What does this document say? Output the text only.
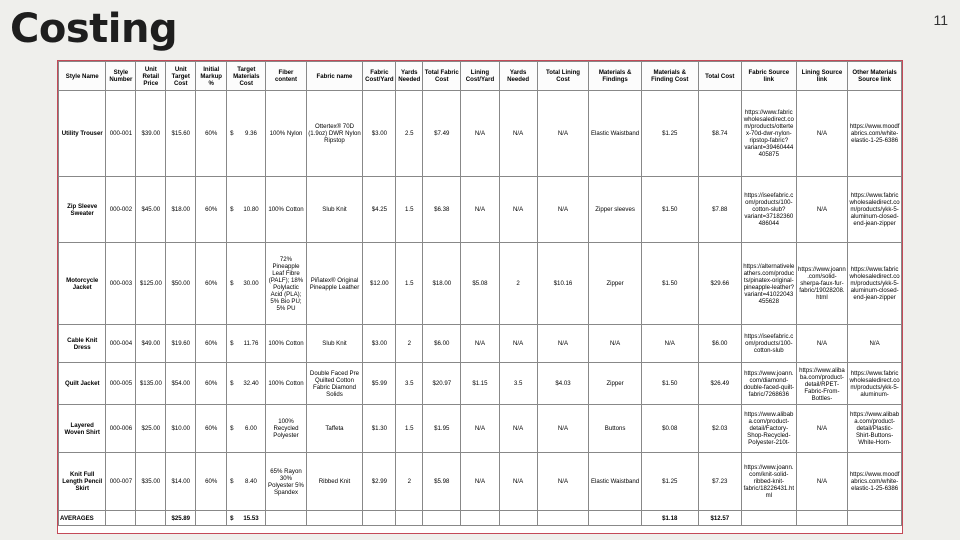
Costing	11
Style Name	Style Number	Unit Retail Price	Unit Target Cost	Initial Markup %	Target Materials Cost	Fiber content	Fabric name	Fabric Cost/Yard	Yards Needed	Total Fabric Cost	Lining Cost/Yard	Yards Needed	Total Lining Cost	Materials & Findings	Materials & Finding Cost	Total Cost	Fabric Source link	Lining Source link	Other Materials Source link
Utility Trouser	000-001	$39.00	$15.60	60%	$ 9.36	100% Nylon	Ottertex® 70D (1.9oz) DWR Nylon Ripstop	$3.00	2.5	$7.49	N/A	N/A	N/A	Elastic Waistband	$1.25	$8.74	https://www.fabricwholesaledirect.com/products/ottertex-70d-dwr-nylon-ripstop-fabric?variant=39460444405875	N/A	https://www.moodfabrics.com/white-elastic-1-25-6386

Zip Sleeve Sweater	000-002	$45.00	$18.00	60%	$ 10.80	100% Cotton	Slub Knit	$4.25	1.5	$6.38	N/A	N/A	N/A	Zipper sleeves	$1.50	$7.88	https://iseefabric.com/products/100-cotton-slub?variant=37182360486044	N/A	https://www.fabricwholesaledirect.com/products/ykk-5-aluminum-closed-end-jean-zipper

Motorcycle Jacket	000-003	$125.00	$50.00	60%	$ 30.00	72% Pineapple Leaf Fibre (PALF); 18% Polylactic Acid (PLA); 5% Bio PU; 5% PU	Piñatex® Original Pineapple Leather	$12.00	1.5	$18.00	$5.08	2	$10.16	Zipper	$1.50	$29.66	https://alternativeleathers.com/products/pinatex-original-pineapple-leather?variant=41022043455628	https://www.joann.com/solid-sherpa-faux-fur-fabric/19028208.html	https://www.fabricwholesaledirect.com/products/ykk-5-aluminum-closed-end-jean-zipper

Cable Knit Dress	000-004	$49.00	$19.60	60%	$ 11.76	100% Cotton	Slub Knit	$3.00	2	$6.00	N/A	N/A	N/A	N/A	N/A	$6.00	https://iseefabric.com/products/100-cotton-slub	N/A	N/A

Quilt Jacket	000-005	$135.00	$54.00	60%	$ 32.40	100% Cotton	Double Faced Pre Quilted Cotton Fabric Diamond Solids	$5.99	3.5	$20.97	$1.15	3.5	$4.03	Zipper	$1.50	$26.49	https://www.joann.com/diamond-double-faced-quilt-fabric/7268636	https://www.alibaba.com/product-detail/RPET-Fabric-From-Bottles-	https://www.fabricwholesaledirect.com/products/ykk-5-aluminum-

Layered Woven Shirt	000-006	$25.00	$10.00	60%	$ 6.00	100% Recycled Polyester	Taffeta	$1.30	1.5	$1.95	N/A	N/A	N/A	Buttons	$0.08	$2.03	https://www.alibaba.com/product-detail/Factory-Shop-Recycled-Polyester-210t-	N/A	https://www.alibaba.com/product-detail/Plastic-Shirt-Buttons-White-Horn-

Knit Full Length Pencil Skirt	000-007	$35.00	$14.00	60%	$ 8.40	65% Rayon 30% Polyester 5% Spandex	Ribbed Knit	$2.99	2	$5.98	N/A	N/A	N/A	Elastic Waistband	$1.25	$7.23	https://www.joann.com/knit-solid-ribbed-knit-fabric/18226431.html	N/A	https://www.moodfabrics.com/white-elastic-1-25-6386

AVERAGES			$25.89		$ 15.53										$1.18	$12.57			
